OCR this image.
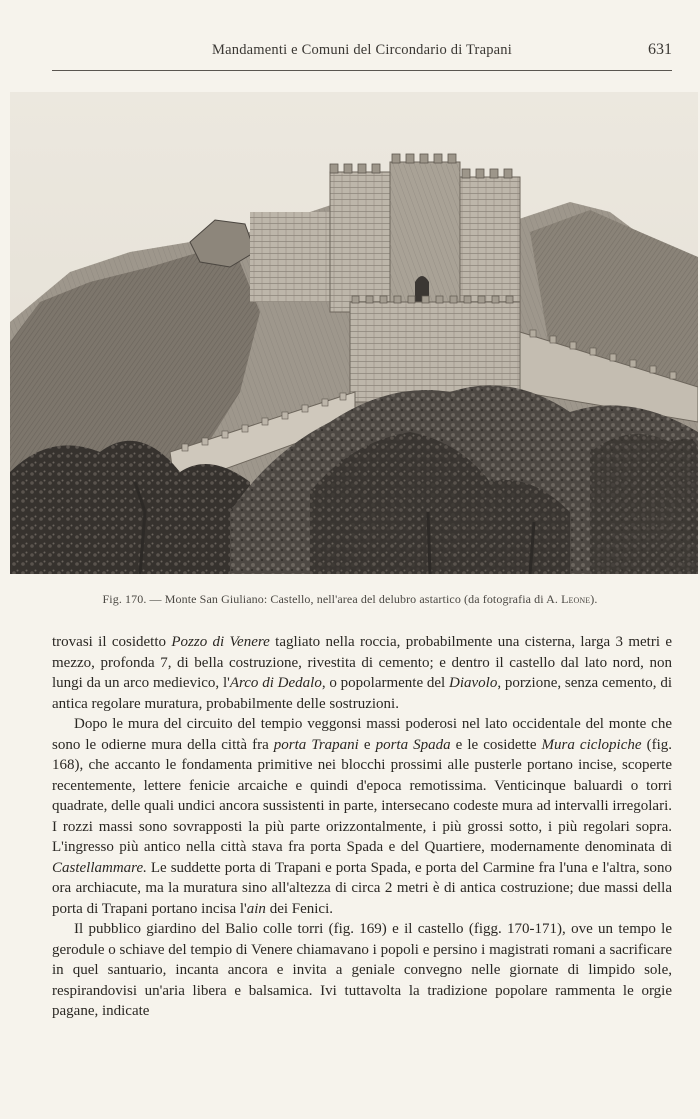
Mandamenti e Comuni del Circondario di Trapani	631
Fig. 170. — Monte San Giuliano: Castello, nell'area del delubro astartico (da fotografia di A. Leone).

trovasi il cosidetto Pozzo di Venere tagliato nella roccia, probabilmente una cisterna, larga 3 metri e mezzo, profonda 7, di bella costruzione, rivestita di cemento; e dentro il castello dal lato nord, non lungi da un arco medievico, l'Arco di Dedalo, o popolarmente del Diavolo, porzione, senza cemento, di antica regolare muratura, probabilmente delle sostruzioni.

Dopo le mura del circuito del tempio veggonsi massi poderosi nel lato occidentale del monte che sono le odierne mura della città fra porta Trapani e porta Spada e le cosidette Mura ciclopiche (fig. 168), che accanto le fondamenta primitive nei blocchi prossimi alle pusterle portano incise, scoperte recentemente, lettere fenicie arcaiche e quindi d'epoca remotissima. Venticinque baluardi o torri quadrate, delle quali undici ancora sussistenti in parte, intersecano codeste mura ad intervalli irregolari. I rozzi massi sono sovrapposti la più parte orizzontalmente, i più grossi sotto, i più regolari sopra. L'ingresso più antico nella città stava fra porta Spada e del Quartiere, modernamente denominata di Castellammare. Le suddette porta di Trapani e porta Spada, e porta del Carmine fra l'una e l'altra, sono ora archiacute, ma la muratura sino all'altezza di circa 2 metri è di antica costruzione; due massi della porta di Trapani portano incisa l'ain dei Fenici.

Il pubblico giardino del Balio colle torri (fig. 169) e il castello (figg. 170-171), ove un tempo le gerodule o schiave del tempio di Venere chiamavano i popoli e persino i magistrati romani a sacrificare in quel santuario, incanta ancora e invita a geniale convegno nelle giornate di limpido sole, respirandovisi un'aria libera e balsamica. Ivi tuttavolta la tradizione popolare rammenta le orgie pagane, indicate
